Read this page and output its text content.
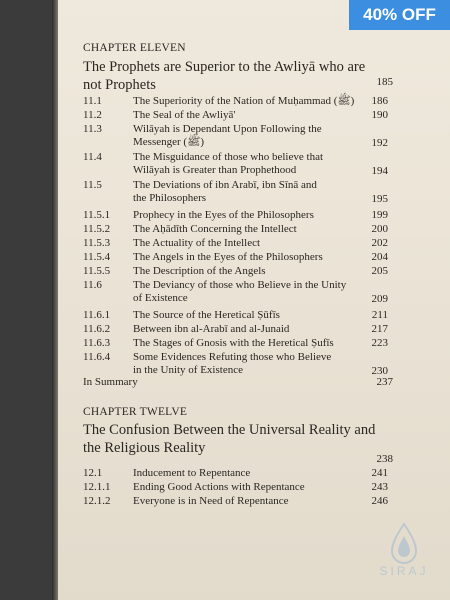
40% OFF
CHAPTER ELEVEN
The Prophets are Superior to the Awliyā who are
not Prophets	185
11.1	The Superiority of the Nation of Muḥammad (ﷺ)	186
11.2	The Seal of the Awliyā'	190
11.3	Wilāyah is Dependant Upon Following the
Messenger (ﷺ)	192
11.4	The Misguidance of those who believe that
Wilāyah is Greater than Prophethood	194
11.5	The Deviations of ibn Arabī, ibn Sīnā and
the Philosophers	195
11.5.1 Prophecy in the Eyes of the Philosophers	199
11.5.2 The Aḥādīth Concerning the Intellect	200
11.5.3 The Actuality of the Intellect	202
11.5.4 The Angels in the Eyes of the Philosophers	204
11.5.5 The Description of the Angels	205
11.6	The Deviancy of those who Believe in the Unity
of Existence	209
11.6.1 The Source of the Heretical Ṣūfīs	211
11.6.2 Between ibn al-Arabī and al-Junaid	217
11.6.3 The Stages of Gnosis with the Heretical Ṣufīs	223
11.6.4 Some Evidences Refuting those who Believe
in the Unity of Existence	230
In Summary	237
CHAPTER TWELVE
The Confusion Between the Universal Reality and
the Religious Reality
238
12.1	Inducement to Repentance	241
12.1.1 Ending Good Actions with Repentance	243
12.1.2 Everyone is in Need of Repentance	246
SIRAJ
